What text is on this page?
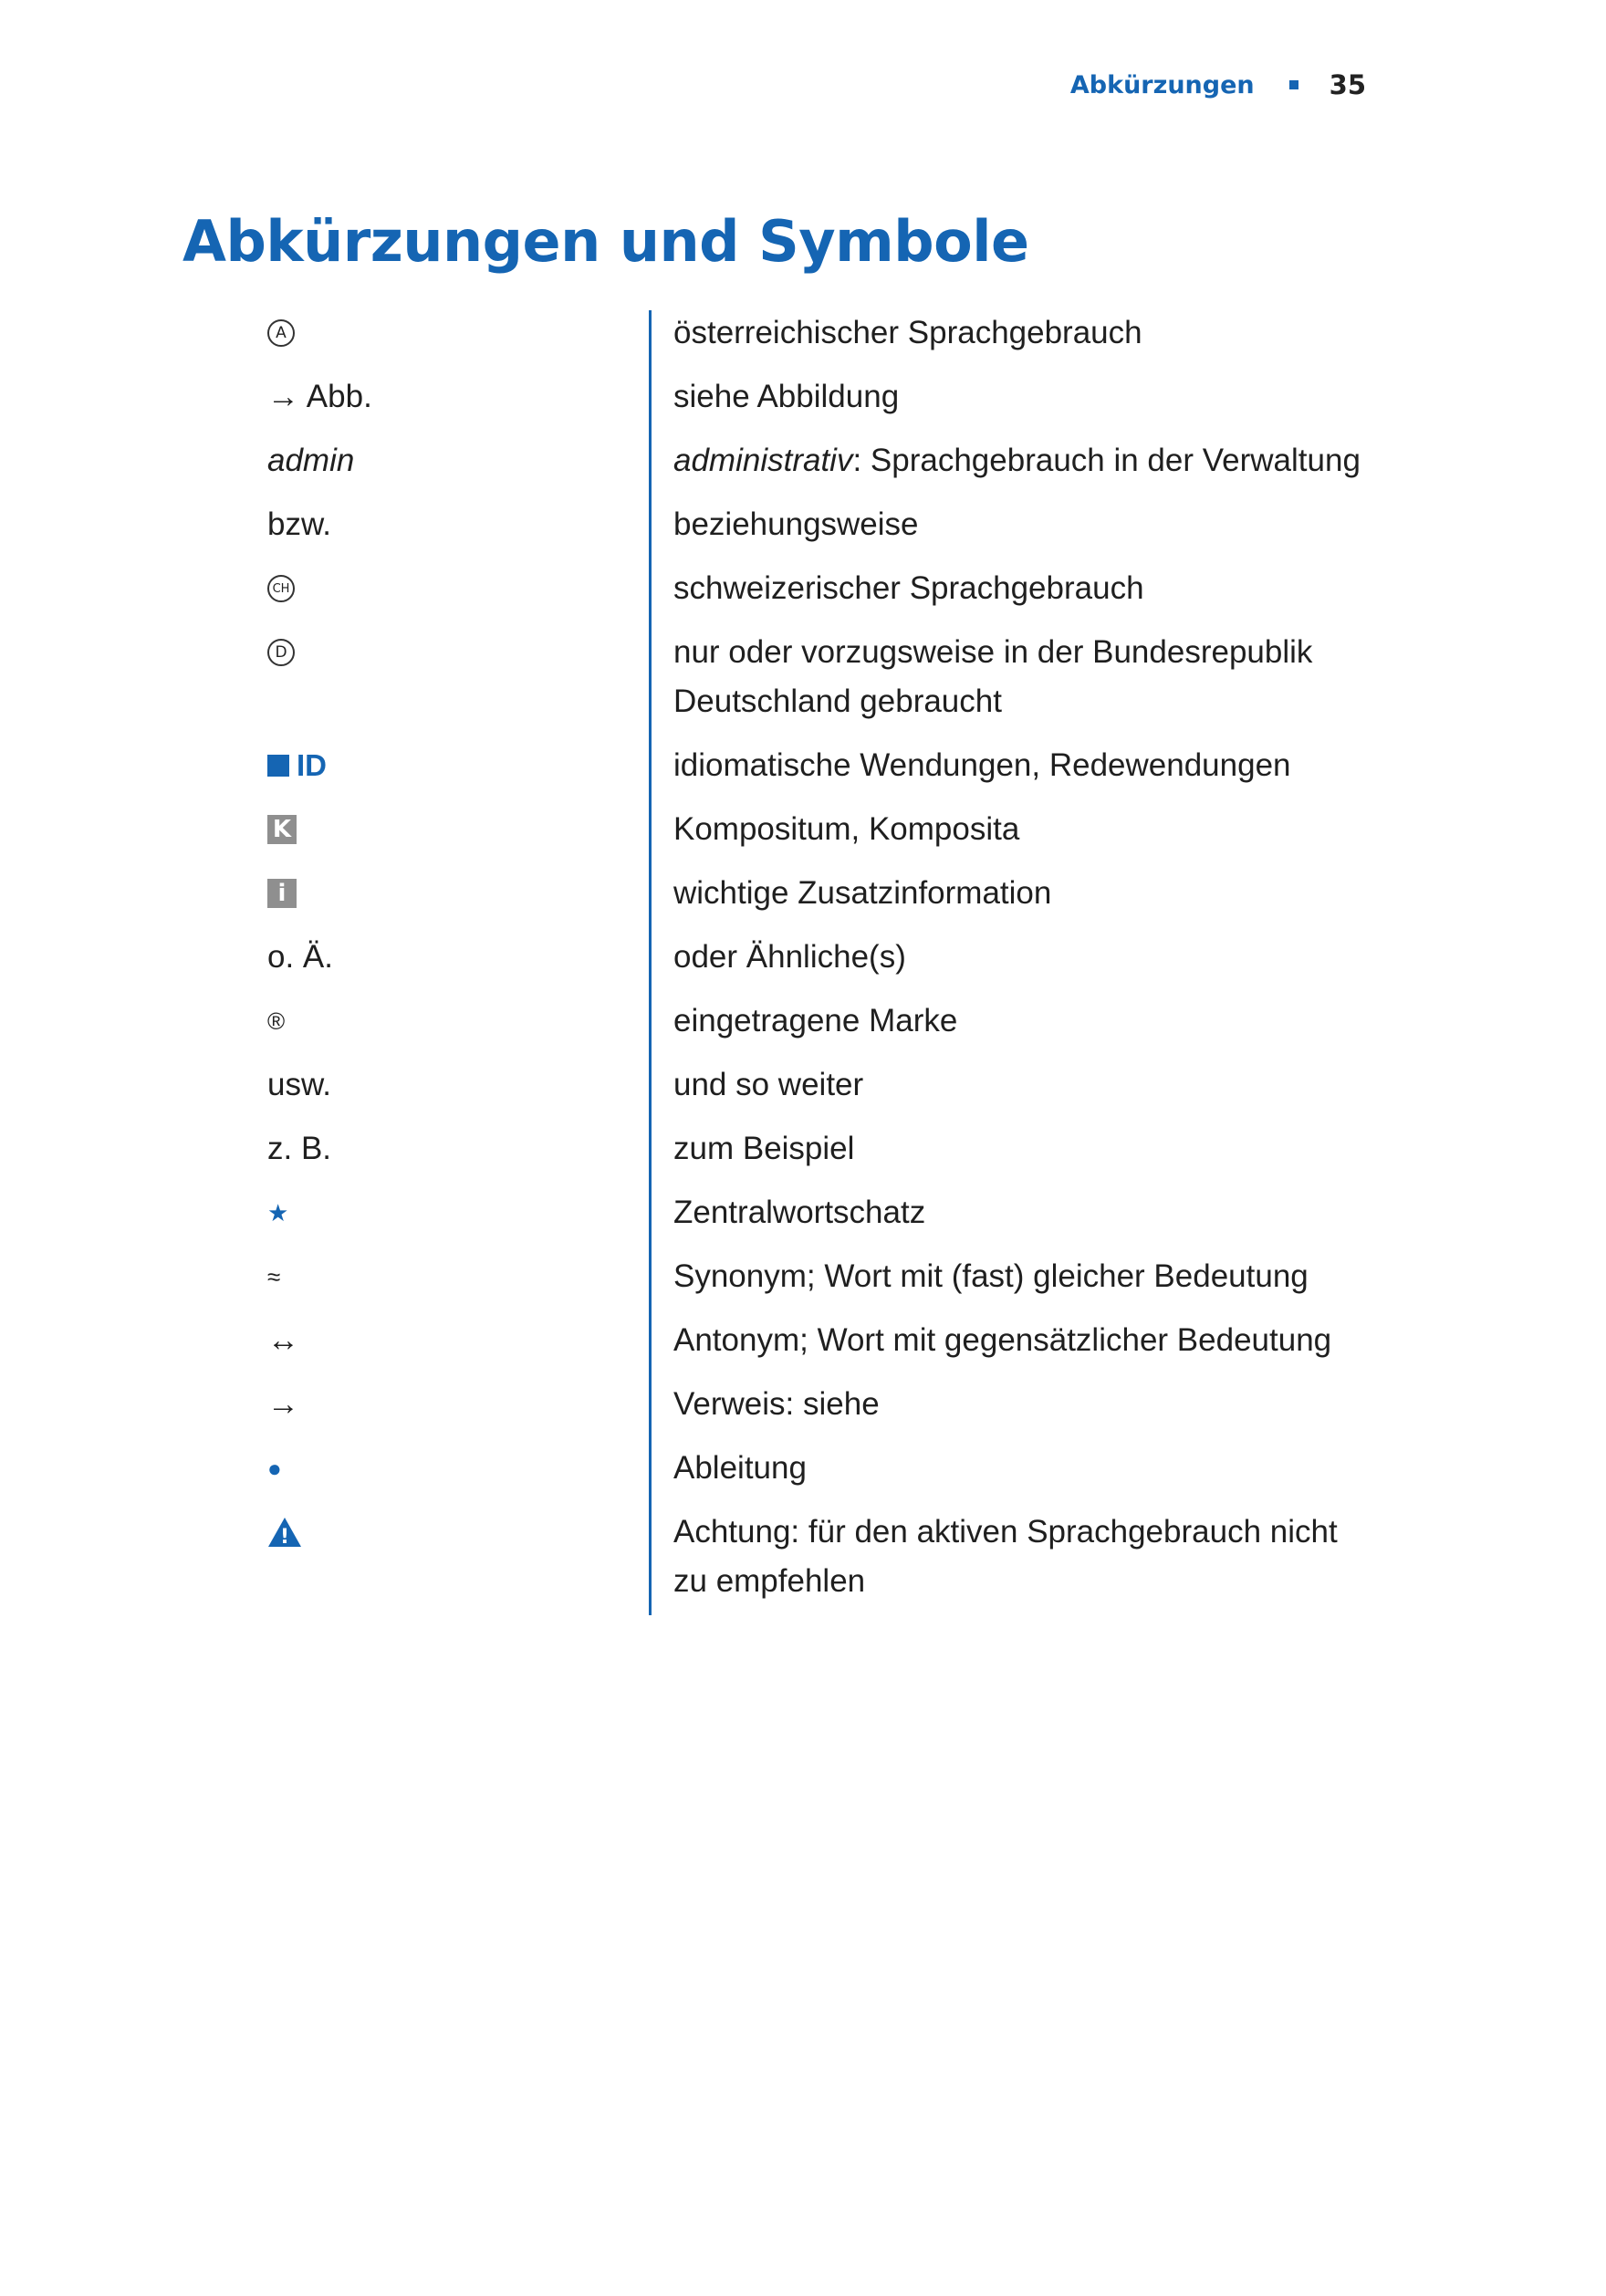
Abkürzungen	35
Abkürzungen und Symbole
A	österreichischer Sprachgebrauch
→ Abb.	siehe Abbildung
admin	administrativ: Sprachgebrauch in der Verwaltung
bzw.	beziehungsweise
CH	schweizerischer Sprachgebrauch
D	nur oder vorzugsweise in der Bundesrepublik Deutschland gebraucht
ID	idiomatische Wendungen, Redewendungen
K	Kompositum, Komposita
i	wichtige Zusatzinformation
o. Ä.	oder Ähnliche(s)
®	eingetragene Marke
usw.	und so weiter
z. B.	zum Beispiel
★	Zentralwortschatz
≈	Synonym; Wort mit (fast) gleicher Bedeutung
↔	Antonym; Wort mit gegensätzlicher Bedeutung
→	Verweis: siehe
●	Ableitung
!	Achtung: für den aktiven Sprachgebrauch nicht zu empfehlen
